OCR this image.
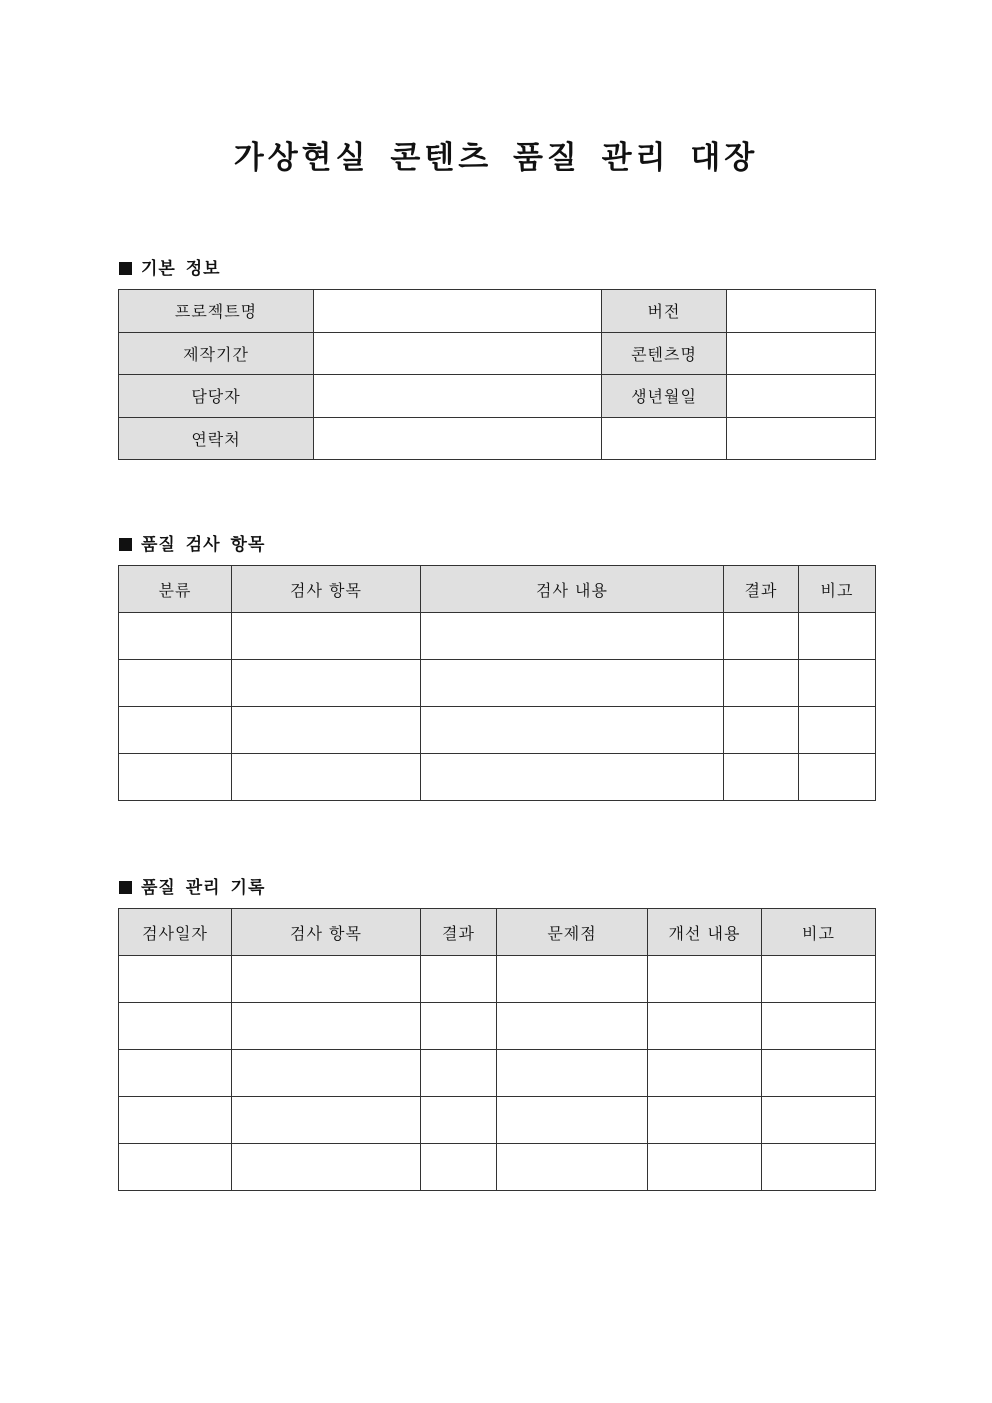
가상현실 콘텐츠 품질 관리 대장
기본 정보
프로젝트명		버전	
제작기간		콘텐츠명	
담당자		생년월일	
연락처			
품질 검사 항목
분류	검사 항목	검사 내용	결과	비고

품질 관리 기록
검사일자	검사 항목	결과	문제점	개선 내용	비고
